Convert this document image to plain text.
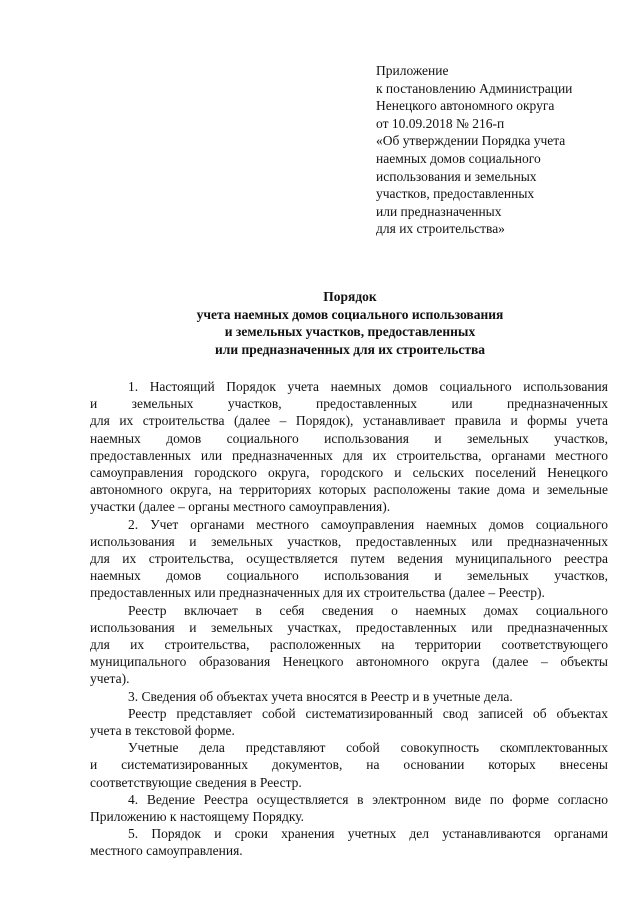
Приложение
к постановлению Администрации
Ненецкого автономного округа
от 10.09.2018 № 216-п
«Об утверждении Порядка учета
наемных домов социального
использования и земельных
участков, предоставленных
или предназначенных
для их строительства»
Порядок
учета наемных домов социального использования
и земельных участков, предоставленных
или предназначенных для их строительства
1. Настоящий Порядок учета наемных домов социального использования
и земельных участков, предоставленных или предназначенных
для их строительства (далее – Порядок), устанавливает правила и формы учета
наемных домов социального использования и земельных участков,
предоставленных или предназначенных для их строительства, органами местного
самоуправления городского округа, городского и сельских поселений Ненецкого
автономного округа, на территориях которых расположены такие дома и земельные
участки (далее – органы местного самоуправления).
2. Учет органами местного самоуправления наемных домов социального
использования и земельных участков, предоставленных или предназначенных
для их строительства, осуществляется путем ведения муниципального реестра
наемных домов социального использования и земельных участков,
предоставленных или предназначенных для их строительства (далее – Реестр).
Реестр включает в себя сведения о наемных домах социального
использования и земельных участках, предоставленных или предназначенных
для их строительства, расположенных на территории соответствующего
муниципального образования Ненецкого автономного округа (далее – объекты
учета).
3. Сведения об объектах учета вносятся в Реестр и в учетные дела.
Реестр представляет собой систематизированный свод записей об объектах
учета в текстовой форме.
Учетные дела представляют собой совокупность скомплектованных
и систематизированных документов, на основании которых внесены
соответствующие сведения в Реестр.
4. Ведение Реестра осуществляется в электронном виде по форме согласно
Приложению к настоящему Порядку.
5. Порядок и сроки хранения учетных дел устанавливаются органами
местного самоуправления.
